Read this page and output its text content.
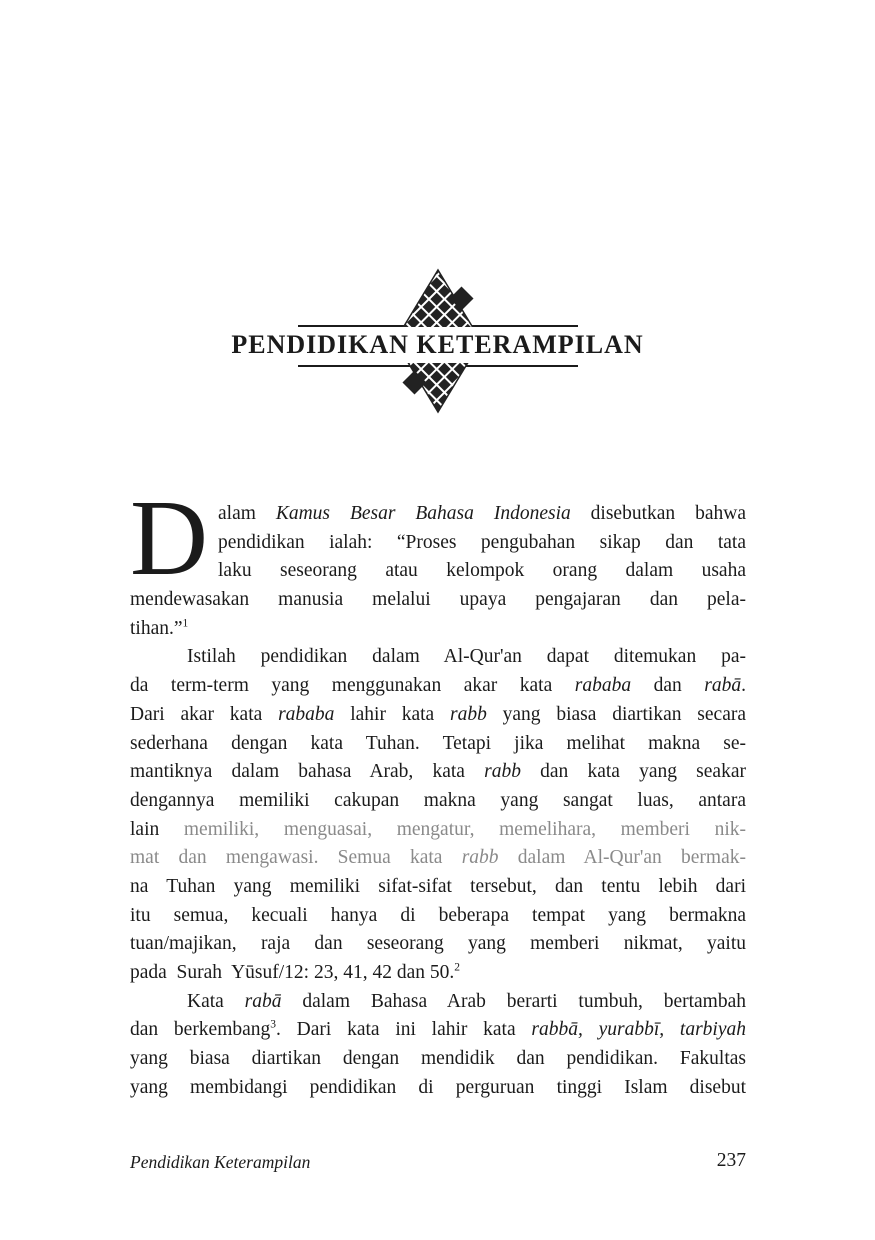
PENDIDIKAN KETERAMPILAN
D alam Kamus Besar Bahasa Indonesia disebutkan bahwa
pendidikan ialah: “Proses pengubahan sikap dan tata
laku seseorang atau kelompok orang dalam usaha
mendewasakan manusia melalui upaya pengajaran dan pela-
tihan.”$^1$
Istilah pendidikan dalam Al-Qur'an dapat ditemukan pa-
da term-term yang menggunakan akar kata rababa dan rabā.
Dari akar kata rababa lahir kata rabb yang biasa diartikan secara
sederhana dengan kata Tuhan. Tetapi jika melihat makna se-
mantiknya dalam bahasa Arab, kata rabb dan kata yang seakar
dengannya memiliki cakupan makna yang sangat luas, antara
lain memiliki, menguasai, mengatur, memelihara, memberi nik-
mat dan mengawasi. Semua kata rabb dalam Al-Qur'an bermak-
na Tuhan yang memiliki sifat-sifat tersebut, dan tentu lebih dari
itu semua, kecuali hanya di beberapa tempat yang bermakna
tuan/majikan, raja dan seseorang yang memberi nikmat, yaitu
pada  Surah  Yūsuf/12: 23, 41, 42 dan 50.$^2$
Kata rabā dalam Bahasa Arab berarti tumbuh, bertambah
dan berkembang$^3$. Dari kata ini lahir kata rabbā, yurabbī, tarbiyah
yang biasa diartikan dengan mendidik dan pendidikan. Fakultas
yang membidangi pendidikan di perguruan tinggi Islam disebut
Pendidikan Keterampilan	237
